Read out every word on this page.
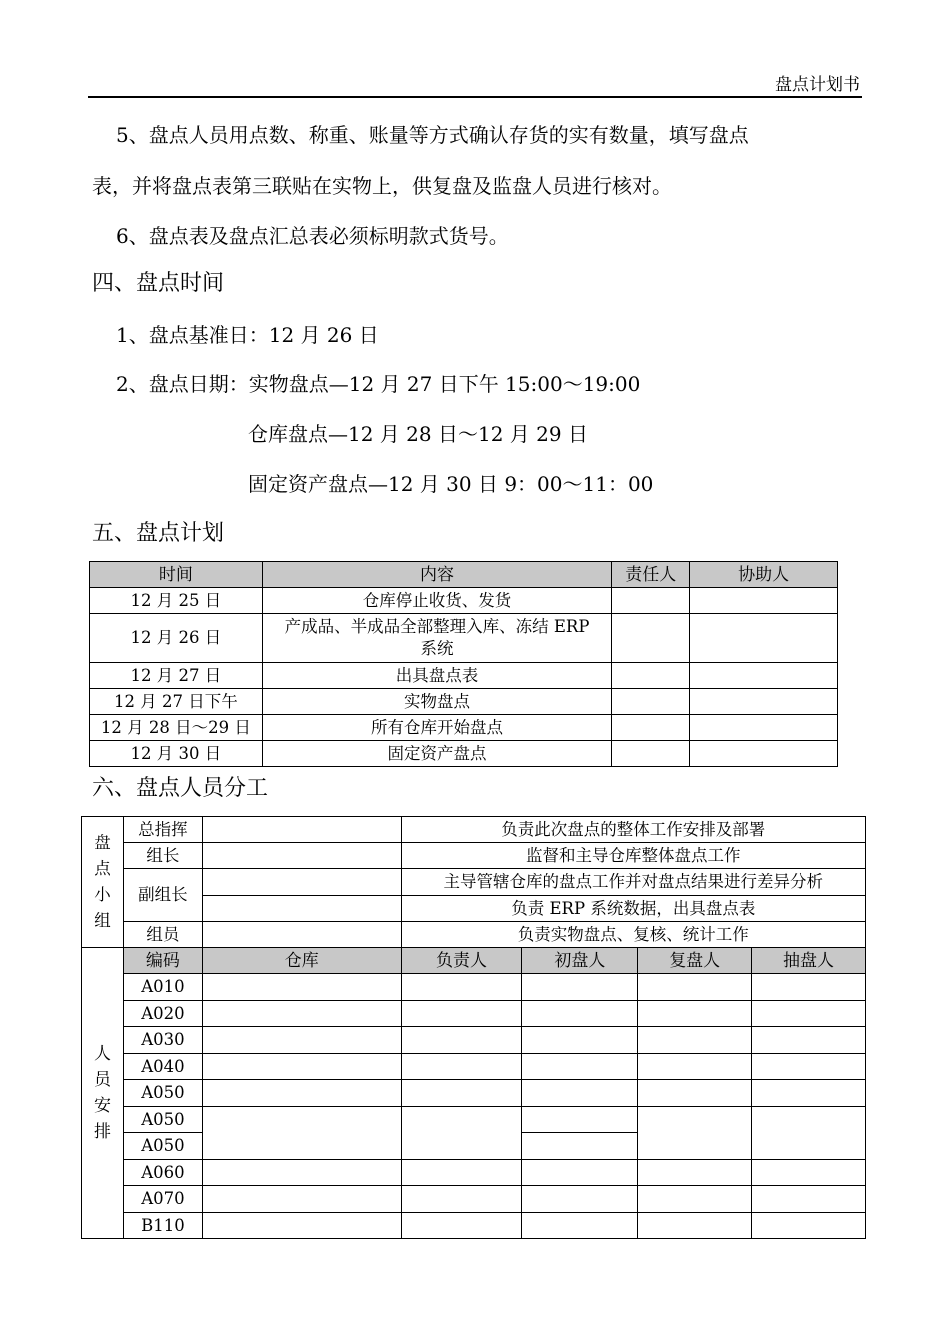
盘点计划书
5、盘点人员用点数、称重、账量等方式确认存货的实有数量，填写盘点
表，并将盘点表第三联贴在实物上，供复盘及监盘人员进行核对。
6、盘点表及盘点汇总表必须标明款式货号。
四、盘点时间
1、盘点基准日：12 月 26 日
2、盘点日期：实物盘点—12 月 27 日下午 15:00～19:00
仓库盘点—12 月 28 日～12 月 29 日
固定资产盘点—12 月 30 日 9：00～11：00
五、盘点计划
时间	内容	责任人	协助人
12 月 25 日	仓库停止收货、发货		
12 月 26 日	产成品、半成品全部整理入库、冻结 ERP
系统		

12 月 27 日	出具盘点表		
12 月 27 日下午	实物盘点		
12 月 28 日～29 日	所有仓库开始盘点		
12 月 30 日	固定资产盘点		
六、盘点人员分工
盘
点
小
组	总指挥		负责此次盘点的整体工作安排及部署			
	组长		监督和主导仓库整体盘点工作			
	副组长		主导管辖仓库的盘点工作并对盘点结果进行差异分析			
			负责 ERP 系统数据，出具盘点表			
	组员		负责实物盘点、复核、统计工作			

人
员
安
排	编码	仓库	负责人	初盘人	复盘人	抽盘人
	A010					
	A020					
	A030					
	A040					
	A050					
	A050					
	A050					
	A060					
	A070					
	B110					
